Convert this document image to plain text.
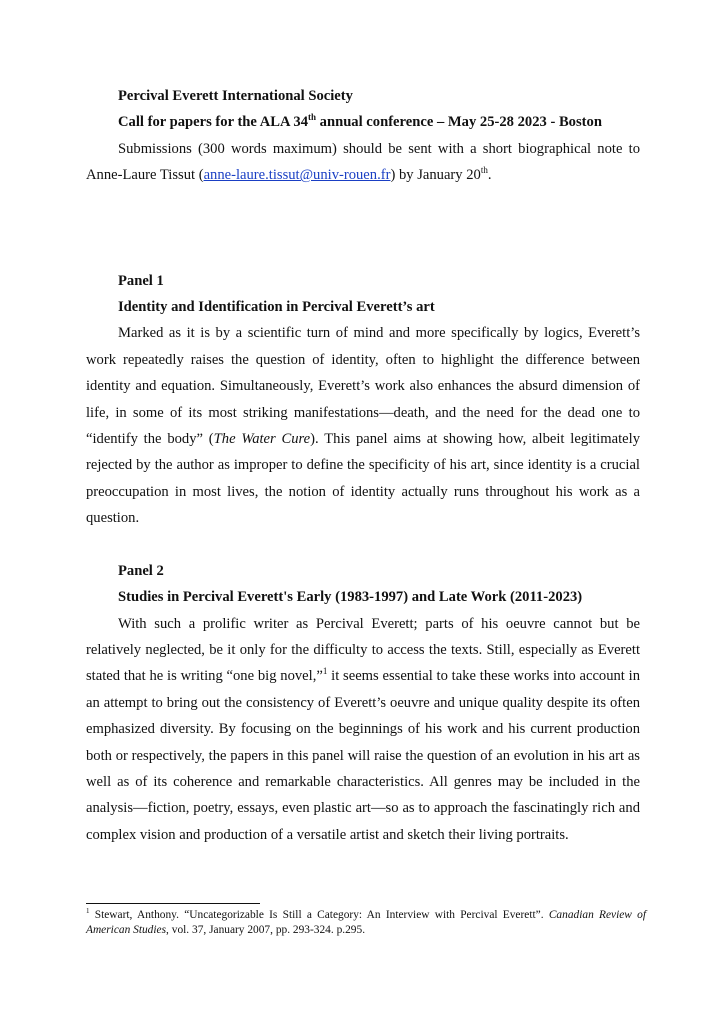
Percival Everett International Society

Call for papers for the ALA 34th annual conference – May 25-28 2023 - Boston

Submissions (300 words maximum) should be sent with a short biographical note to Anne-Laure Tissut (anne-laure.tissut@univ-rouen.fr) by January 20th.

Panel 1

Identity and Identification in Percival Everett’s art

Marked as it is by a scientific turn of mind and more specifically by logics, Everett’s work repeatedly raises the question of identity, often to highlight the difference between identity and equation. Simultaneously, Everett’s work also enhances the absurd dimension of life, in some of its most striking manifestations—death, and the need for the dead one to “identify the body” (The Water Cure). This panel aims at showing how, albeit legitimately rejected by the author as improper to define the specificity of his art, since identity is a crucial preoccupation in most lives, the notion of identity actually runs throughout his work as a question.

Panel 2

Studies in Percival Everett's Early (1983-1997) and Late Work (2011-2023)

With such a prolific writer as Percival Everett; parts of his oeuvre cannot but be relatively neglected, be it only for the difficulty to access the texts. Still, especially as Everett stated that he is writing “one big novel,”$^1$ it seems essential to take these works into account in an attempt to bring out the consistency of Everett’s oeuvre and unique quality despite its often emphasized diversity. By focusing on the beginnings of his work and his current production both or respectively, the papers in this panel will raise the question of an evolution in his art as well as of its coherence and remarkable characteristics. All genres may be included in the analysis—fiction, poetry, essays, even plastic art—so as to approach the fascinatingly rich and complex vision and production of a versatile artist and sketch their living portraits.

$^1$ Stewart, Anthony. “Uncategorizable Is Still a Category: An Interview with Percival Everett”. Canadian Review of American Studies, vol. 37, January 2007, pp. 293-324. p.295.
